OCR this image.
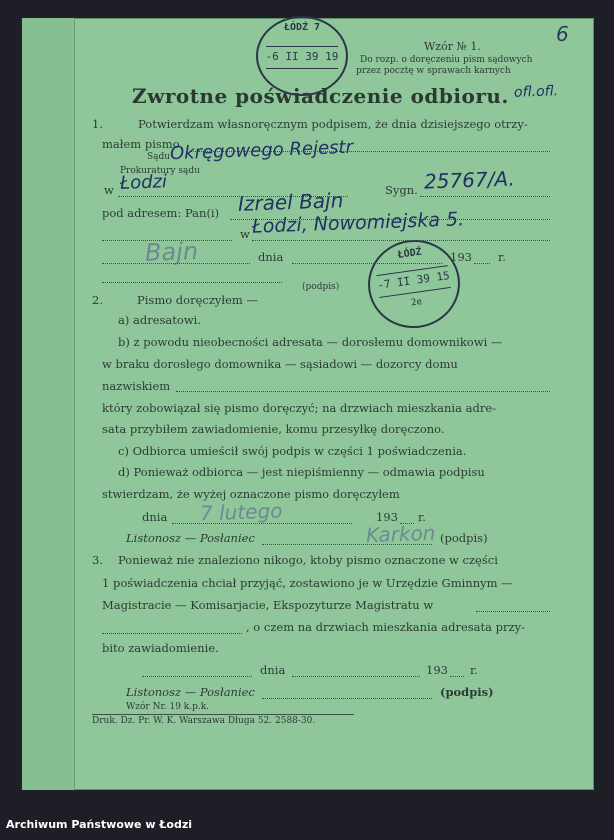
6
Wzór № 1.
Do rozp. o doręczeniu pism sądowych
przez pocztę w sprawach karnych
Zwrotne poświadczenie odbioru. ofl.ofl.
ŁÓDŹ 7
-6 II 39 19
ŁÓDŹ
-7 II 39 15
2e
1.	Potwierdzam własnoręcznym podpisem, że dnia dzisiejszego otrzy-
małem pismo
Sądu
Prokuratury sądu
Okręgowego Rejestr
w Łodzi	Sygn. 25767/A.
pod adresem: Pan(i) Izrael Bajn
w Łodzi, Nowomiejska 5.
Bajn	dnia	193 r.
(podpis)
2.	Pismo doręczyłem —
a) adresatowi.
b) z powodu nieobecności adresata — dorosłemu domownikowi —
w braku dorosłego domownika — sąsiadowi — dozorcy domu
nazwiskiem
który zobowiązał się pismo doręczyć; na drzwiach mieszkania adre-
sata przybiłem zawiadomienie, komu przesyłkę doręczono.
c) Odbiorca umieścił swój podpis w części 1 poświadczenia.
d) Ponieważ odbiorca — jest niepiśmienny — odmawia podpisu
stwierdzam, że wyżej oznaczone pismo doręczyłem
dnia 7 lutego	193 r.
Listonosz — Posłaniec	Karkon (podpis)
3. Ponieważ nie znaleziono nikogo, ktoby pismo oznaczone w części
1 poświadczenia chciał przyjąć, zostawiono je w Urzędzie Gminnym —
Magistracie — Komisarjacie, Ekspozyturze Magistratu w
, o czem na drzwiach mieszkania adresata przy-
bito zawiadomienie.
dnia	193 r.
Listonosz — Posłaniec	(podpis)
Wzór Nr. 19 k.p.k.
Druk. Dz. Pr. W. K. Warszawa Długa 52. 2588-30.
Archiwum Państwowe w Łodzi
